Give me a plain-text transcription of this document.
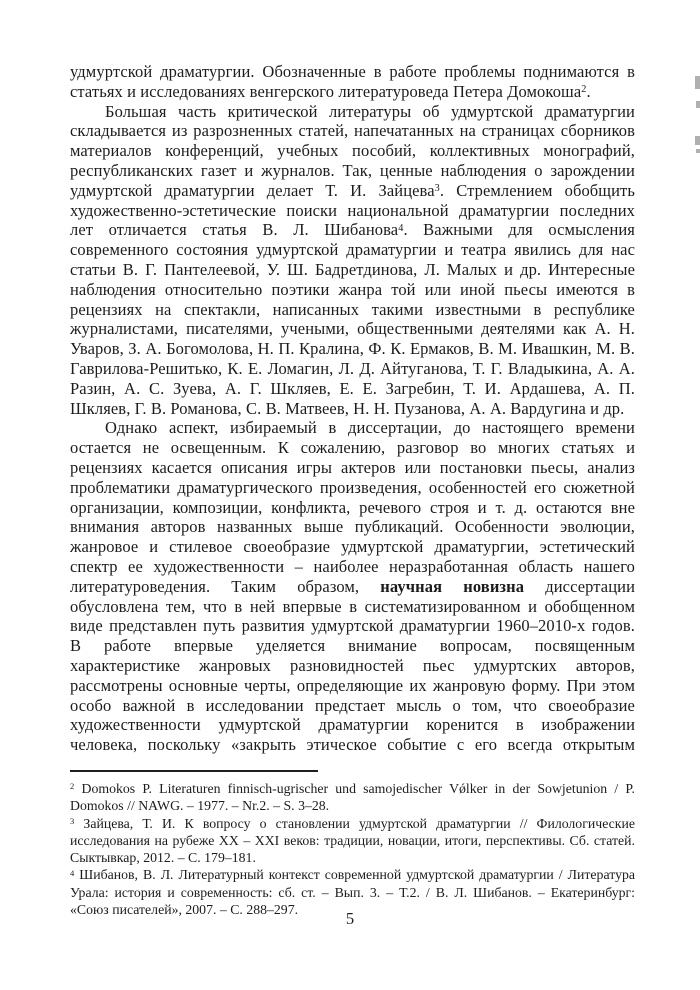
удмуртской драматургии. Обозначенные в работе проблемы поднимаются в статьях и исследованиях венгерского литературоведа Петера Домокоша$^2$.

Большая часть критической литературы об удмуртской драматургии складывается из разрозненных статей, напечатанных на страницах сборников материалов конференций, учебных пособий, коллективных монографий, республиканских газет и журналов. Так, ценные наблюдения о зарождении удмуртской драматургии делает Т. И. Зайцева$^3$. Стремлением обобщить художественно-эстетические поиски национальной драматургии последних лет отличается статья В. Л. Шибанова$^4$. Важными для осмысления современного состояния удмуртской драматургии и театра явились для нас статьи В. Г. Пантелеевой, У. Ш. Бадретдинова, Л. Малых и др. Интересные наблюдения относительно поэтики жанра той или иной пьесы имеются в рецензиях на спектакли, написанных такими известными в республике журналистами, писателями, учеными, общественными деятелями как А. Н. Уваров, З. А. Богомолова, Н. П. Кралина, Ф. К. Ермаков, В. М. Ивашкин, М. В. Гаврилова-Решитько, К. Е. Ломагин, Л. Д. Айтуганова, Т. Г. Владыкина, А. А. Разин, А. С. Зуева, А. Г. Шкляев, Е. Е. Загребин, Т. И. Ардашева, А. П. Шкляев, Г. В. Романова, С. В. Матвеев, Н. Н. Пузанова, А. А. Вардугина и др.

Однако аспект, избираемый в диссертации, до настоящего времени остается не освещенным. К сожалению, разговор во многих статьях и рецензиях касается описания игры актеров или постановки пьесы, анализ проблематики драматургического произведения, особенностей его сюжетной организации, композиции, конфликта, речевого строя и т. д. остаются вне внимания авторов названных выше публикаций. Особенности эволюции, жанровое и стилевое своеобразие удмуртской драматургии, эстетический спектр ее художественности – наиболее неразработанная область нашего литературоведения. Таким образом, научная новизна диссертации обусловлена тем, что в ней впервые в систематизированном и обобщенном виде представлен путь развития удмуртской драматургии 1960–2010-х годов. В работе впервые уделяется внимание вопросам, посвященным характеристике жанровых разновидностей пьес удмуртских авторов, рассмотрены основные черты, определяющие их жанровую форму. При этом особо важной в исследовании предстает мысль о том, что своеобразие художественности удмуртской драматургии коренится в изображении человека, поскольку «закрыть этическое событие с его всегда открытым

$^2$ Domokos P. Literaturen finnisch-ugrischer und samojedischer Vǿlker in der Sowjetunion / P. Domokos // NAWG. – 1977. – Nr.2. – S. 3–28.
$^3$ Зайцева, Т. И. К вопросу о становлении удмуртской драматургии // Филологические исследования на рубеже XX – XXI веков: традиции, новации, итоги, перспективы. Сб. статей. Сыктывкар, 2012. – С. 179–181.
$^4$ Шибанов, В. Л. Литературный контекст современной удмуртской драматургии / Литература Урала: история и современность: сб. ст. – Вып. 3. – Т.2. / В. Л. Шибанов. – Екатеринбург: «Союз писателей», 2007. – С. 288–297.	5
